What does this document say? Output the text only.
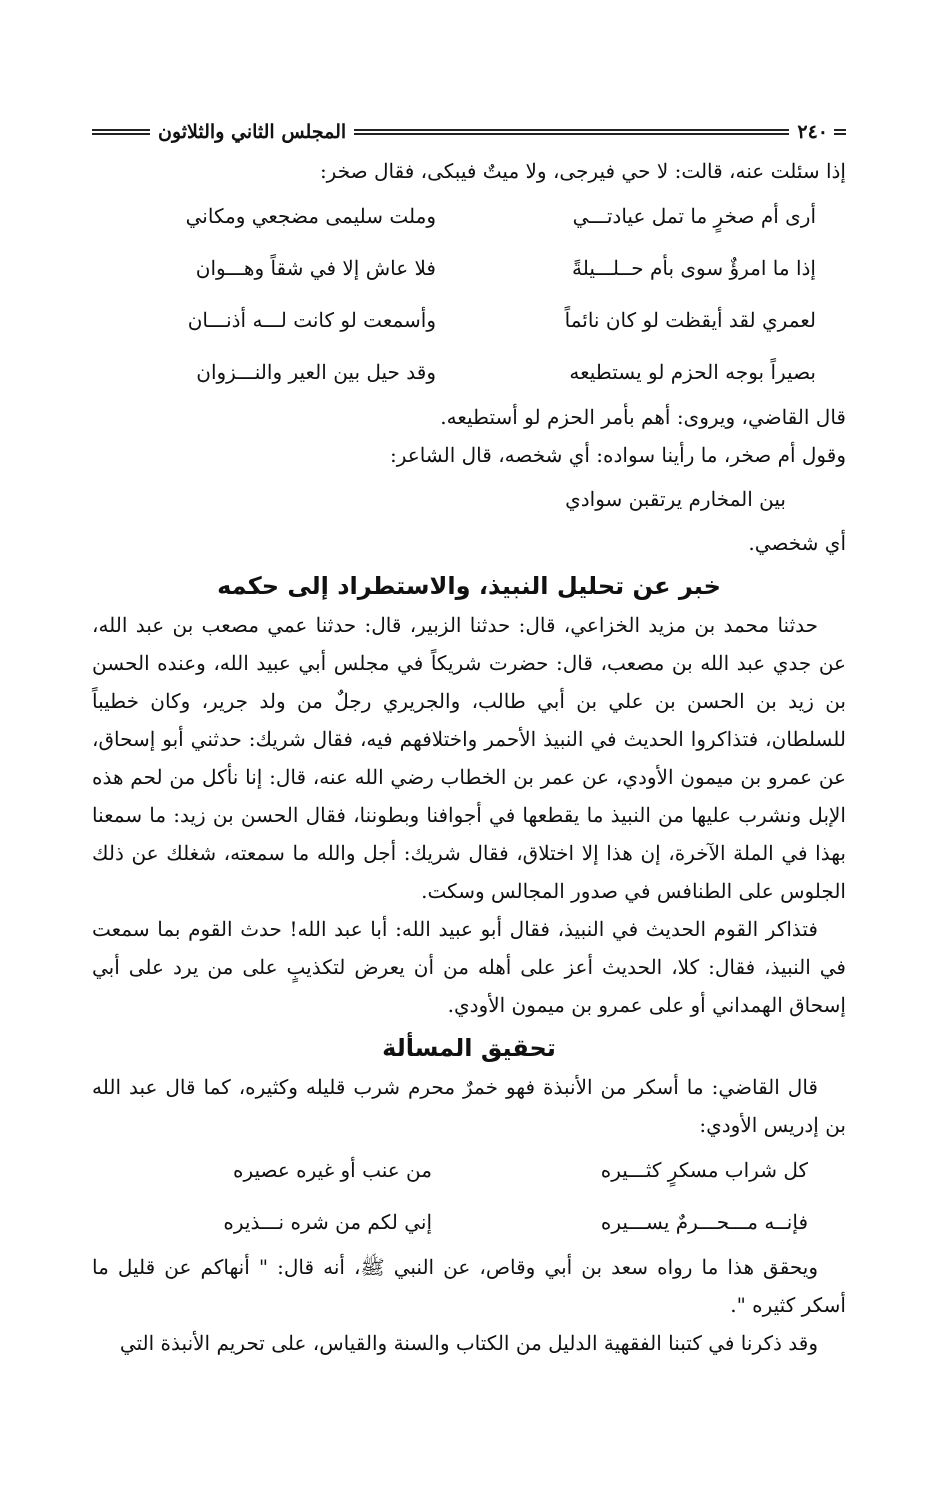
٢٤٠
المجلس الثاني والثلاثون

إذا سئلت عنه، قالت: لا حي فيرجى، ولا ميتٌ فيبكى، فقال صخر:

أرى أم صخرٍ ما تمل عيادتـــي
وملت سليمى مضجعي ومكاني
إذا ما امرؤٌ سوى بأم حــلـــيلةً
فلا عاش إلا في شقاً وهـــوان
لعمري لقد أيقظت لو كان نائماً
وأسمعت لو كانت لـــه أذنـــان
بصيراً بوجه الحزم لو يستطيعه
وقد حيل بين العير والنـــزوان

قال القاضي، ويروى: أهم بأمر الحزم لو أستطيعه.

وقول أم صخر، ما رأينا سواده: أي شخصه، قال الشاعر:

بين المخارم يرتقبن سوادي

أي شخصي.

خبر عن تحليل النبيذ، والاستطراد إلى حكمه

حدثنا محمد بن مزيد الخزاعي، قال: حدثنا الزبير، قال: حدثنا عمي مصعب بن عبد الله، عن جدي عبد الله بن مصعب، قال: حضرت شريكاً في مجلس أبي عبيد الله، وعنده الحسن بن زيد بن الحسن بن علي بن أبي طالب، والجريري رجلٌ من ولد جرير، وكان خطيباً للسلطان، فتذاكروا الحديث في النبيذ الأحمر واختلافهم فيه، فقال شريك: حدثني أبو إسحاق، عن عمرو بن ميمون الأودي، عن عمر بن الخطاب رضي الله عنه، قال: إنا نأكل من لحم هذه الإبل ونشرب عليها من النبيذ ما يقطعها في أجوافنا وبطوننا، فقال الحسن بن زيد: ما سمعنا بهذا في الملة الآخرة، إن هذا إلا اختلاق، فقال شريك: أجل والله ما سمعته، شغلك عن ذلك الجلوس على الطنافس في صدور المجالس وسكت.

فتذاكر القوم الحديث في النبيذ، فقال أبو عبيد الله: أبا عبد الله! حدث القوم بما سمعت في النبيذ، فقال: كلا، الحديث أعز على أهله من أن يعرض لتكذيبٍ على من يرد على أبي إسحاق الهمداني أو على عمرو بن ميمون الأودي.

تحقيق المسألة

قال القاضي: ما أسكر من الأنبذة فهو خمرٌ محرم شرب قليله وكثيره، كما قال عبد الله بن إدريس الأودي:

كل شراب مسكرٍ كثـــيره
من عنب أو غيره عصيره
فإنــه مـــحـــرمٌ يســـيره
إني لكم من شره نـــذيره

ويحقق هذا ما رواه سعد بن أبي وقاص، عن النبي ﷺ، أنه قال: " أنهاكم عن قليل ما أسكر كثيره ".

وقد ذكرنا في كتبنا الفقهية الدليل من الكتاب والسنة والقياس، على تحريم الأنبذة التي
